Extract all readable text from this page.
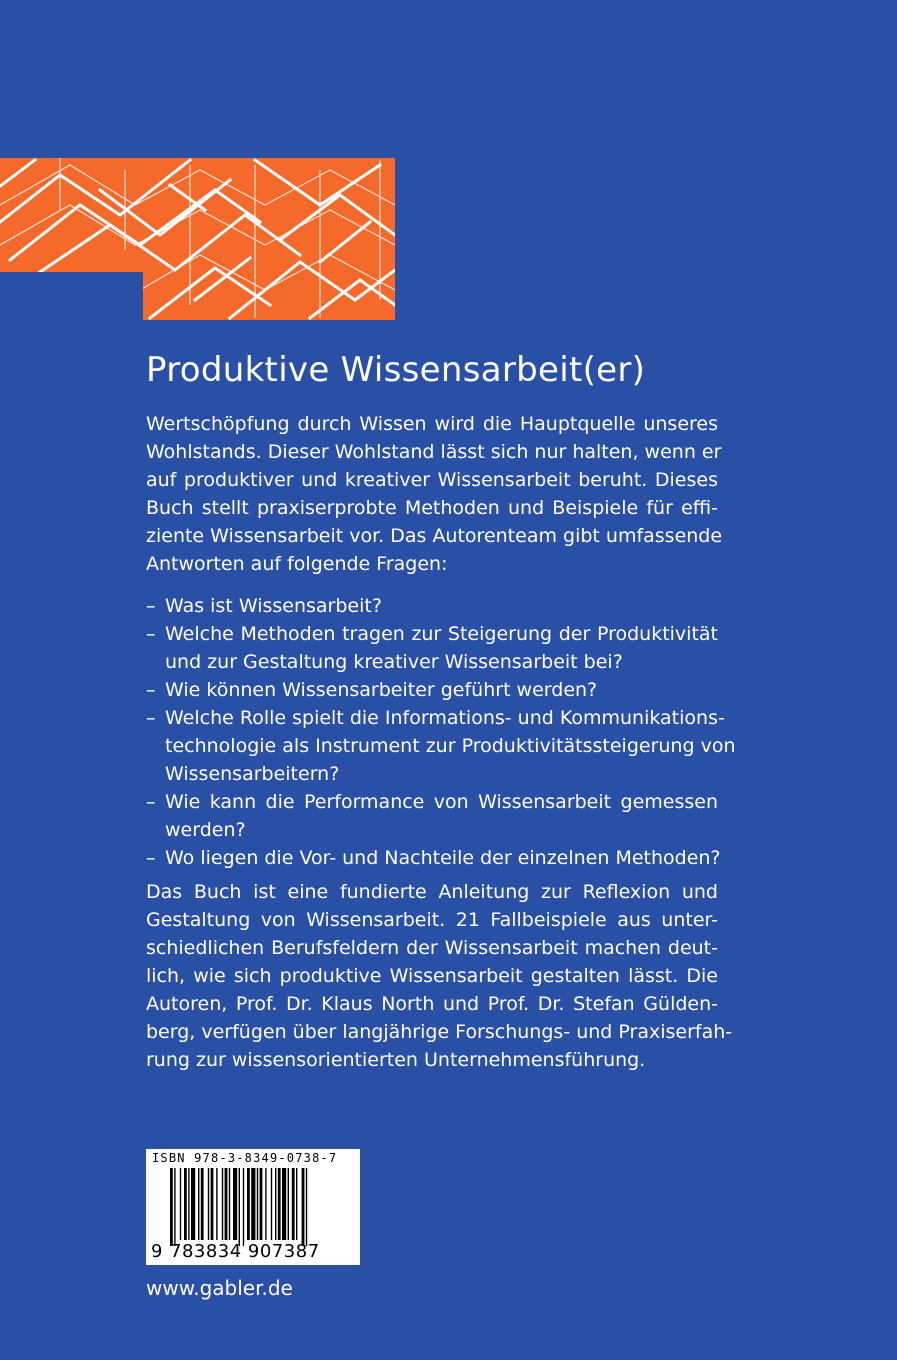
Produktive Wissensarbeit(er)
Wertschöpfung durch Wissen wird die Hauptquelle unseres
Wohlstands. Dieser Wohlstand lässt sich nur halten, wenn er
auf produktiver und kreativer Wissensarbeit beruht. Dieses
Buch stellt praxiserprobte Methoden und Beispiele für effi-
ziente Wissensarbeit vor. Das Autorenteam gibt umfassende
Antworten auf folgende Fragen:
– Was ist Wissensarbeit?
– Welche Methoden tragen zur Steigerung der Produktivität
und zur Gestaltung kreativer Wissensarbeit bei?
– Wie können Wissensarbeiter geführt werden?
– Welche Rolle spielt die Informations- und Kommunikations-
technologie als Instrument zur Produktivitätssteigerung von
Wissensarbeitern?
– Wie kann die Performance von Wissensarbeit gemessen
werden?
– Wo liegen die Vor- und Nachteile der einzelnen Methoden?
Das Buch ist eine fundierte Anleitung zur Reflexion und
Gestaltung von Wissensarbeit. 21 Fallbeispiele aus unter-
schiedlichen Berufsfeldern der Wissensarbeit machen deut-
lich, wie sich produktive Wissensarbeit gestalten lässt. Die
Autoren, Prof. Dr. Klaus North und Prof. Dr. Stefan Gülden-
berg, verfügen über langjährige Forschungs- und Praxiserfah-
rung zur wissensorientierten Unternehmensführung.
ISBN 978-3-8349-0738-7
9 783834 907387
www.gabler.de
